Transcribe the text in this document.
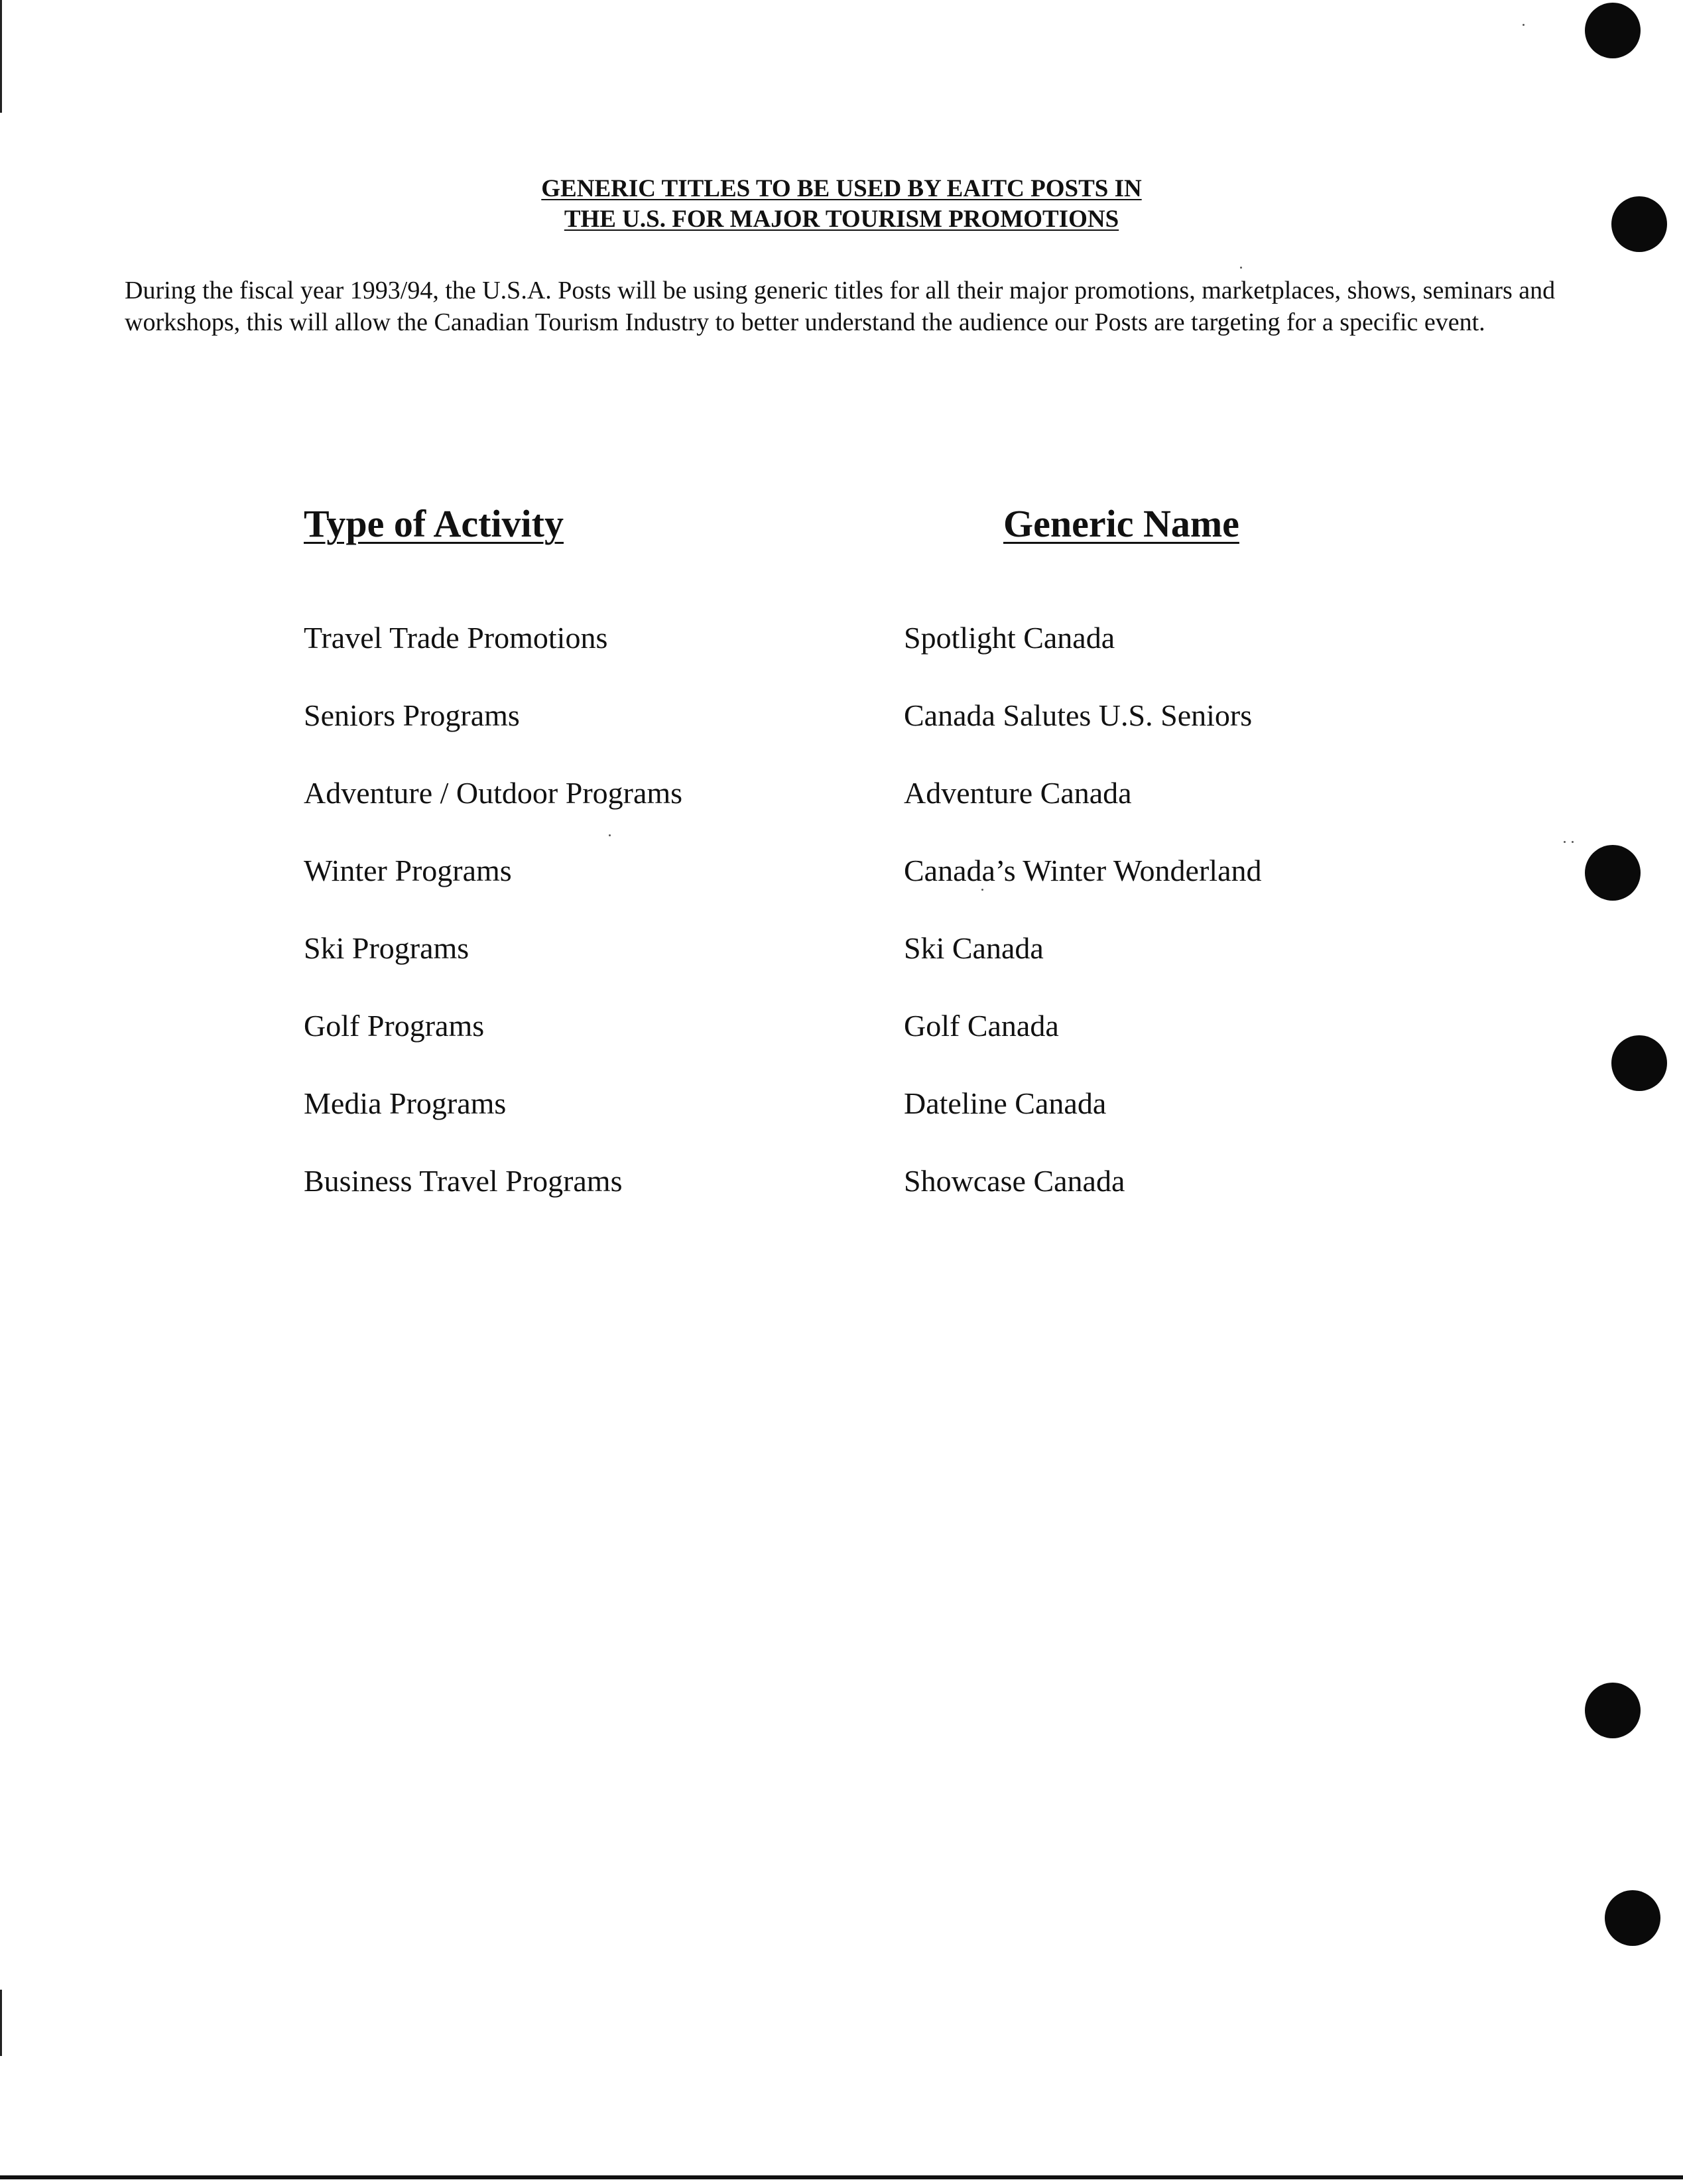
GENERIC TITLES TO BE USED BY EAITC POSTS IN
THE U.S. FOR MAJOR TOURISM PROMOTIONS
During the fiscal year 1993/94, the U.S.A. Posts will be using generic titles for all their major promotions, marketplaces, shows, seminars and workshops, this will allow the Canadian Tourism Industry to better understand the audience our Posts are targeting for a specific event.
Type of Activity	Generic Name
Travel Trade Promotions	Spotlight Canada
Seniors Programs	Canada Salutes U.S. Seniors
Adventure / Outdoor Programs	Adventure Canada
Winter Programs	Canada’s Winter Wonderland
Ski Programs	Ski Canada
Golf Programs	Golf Canada
Media Programs	Dateline Canada
Business Travel Programs	Showcase Canada
